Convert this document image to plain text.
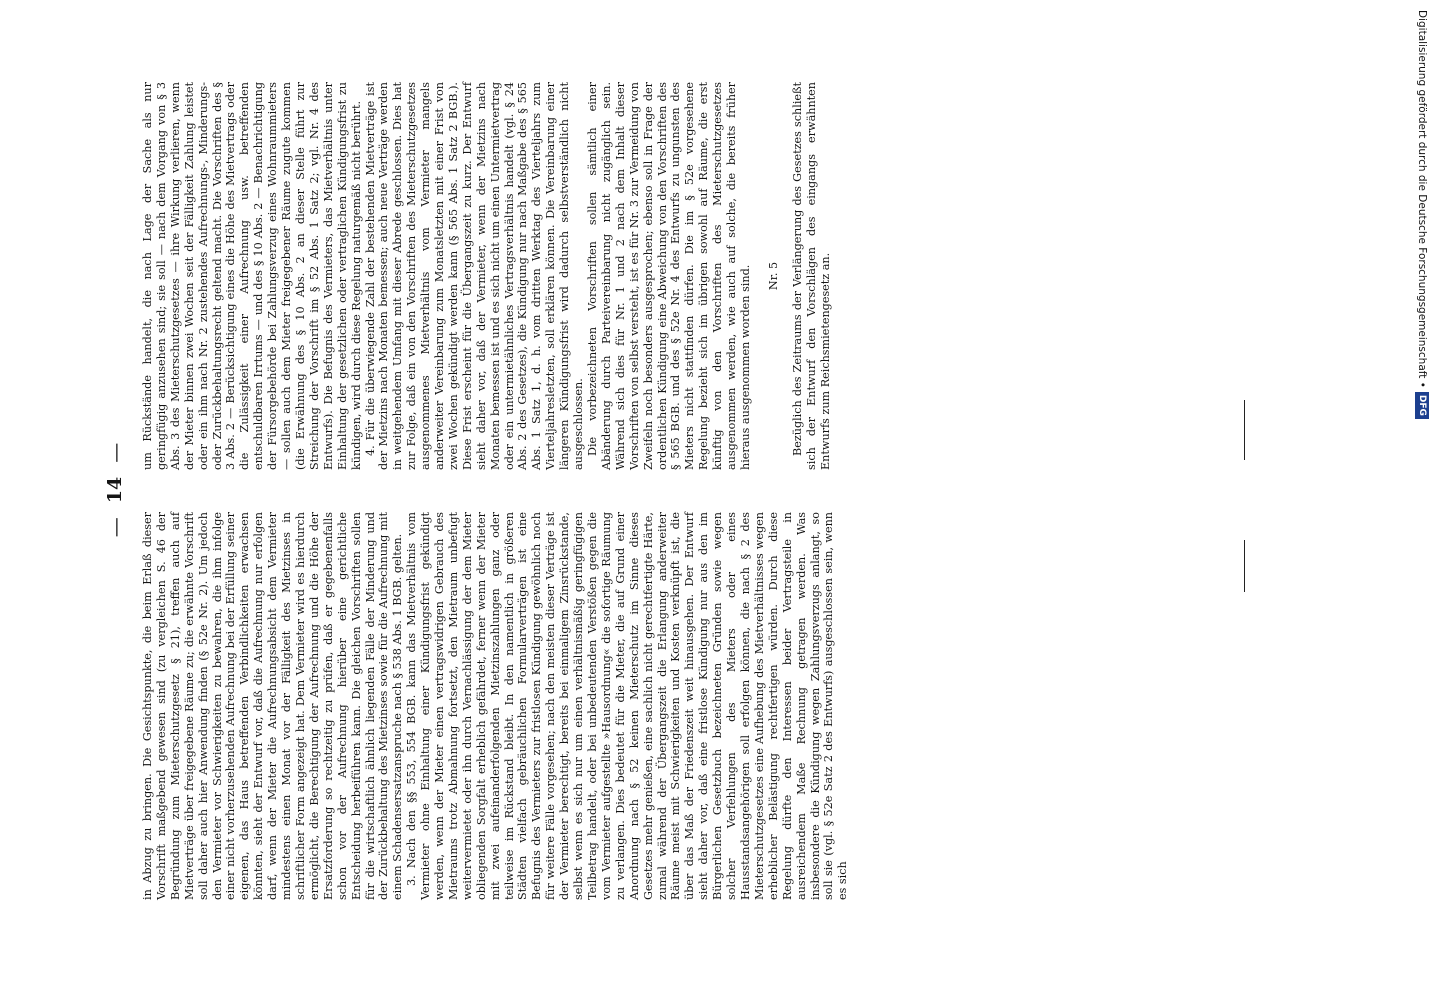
—
14
—

in Abzug zu bringen. Die Gesichtspunkte, die beim Erlaß dieser Vorschrift maßgebend gewesen sind (zu vergleichen S. 46 der Begründung zum Mieterschutzgesetz § 21), treffen auch auf Mietverträge über freigegebene Räume zu; die erwähnte Vorschrift soll daher auch hier Anwendung finden (§ 52e Nr. 2). Um jedoch den Vermieter vor Schwierigkeiten zu bewahren, die ihm infolge einer nicht vorherzusehenden Aufrechnung bei der Erfüllung seiner eigenen, das Haus betreffenden Verbindlichkeiten erwachsen könnten, sieht der Entwurf vor, daß die Aufrechnung nur erfolgen darf, wenn der Mieter die Aufrechnungsabsicht dem Vermieter mindestens einen Monat vor der Fälligkeit des Mietzinses in schriftlicher Form angezeigt hat. Dem Vermieter wird es hierdurch ermöglicht, die Berechtigung der Aufrechnung und die Höhe der Ersatzforderung so rechtzeitig zu prüfen, daß er gegebenenfalls schon vor der Aufrechnung hierüber eine gerichtliche Entscheidung herbeiführen kann. Die gleichen Vorschriften sollen für die wirtschaftlich ähnlich liegenden Fälle der Minderung und der Zurückbehaltung des Mietzinses sowie für die Aufrechnung mit einem Schadensersatzanspruche nach § 538 Abs. 1 BGB. gelten. 3. Nach den §§ 553, 554 BGB. kann das Mietverhältnis vom Vermieter ohne Einhaltung einer Kündigungsfrist gekündigt werden, wenn der Mieter einen vertragswidrigen Gebrauch des Mietraums trotz Abmahnung fortsetzt, den Mietraum unbefugt weitervermietet oder ihn durch Vernachlässigung der dem Mieter obliegenden Sorgfalt erheblich gefährdet, ferner wenn der Mieter mit zwei aufeinanderfolgenden Mietzinszahlungen ganz oder teilweise im Rückstand bleibt. In den namentlich in größeren Städten vielfach gebräuchlichen Formularverträgen ist eine Befugnis des Vermieters zur fristlosen Kündigung gewöhnlich noch für weitere Fälle vorgesehen; nach den meisten dieser Verträge ist der Vermieter berechtigt, bereits bei einmaligem Zinsrückstande, selbst wenn es sich nur um einen verhältnismäßig geringfügigen Teilbetrag handelt, oder bei unbedeutenden Verstößen gegen die vom Vermieter aufgestellte »Hausordnung« die sofortige Räumung zu verlangen. Dies bedeutet für die Mieter, die auf Grund einer Anordnung nach § 52 keinen Mieterschutz im Sinne dieses Gesetzes mehr genießen, eine sachlich nicht gerechtfertigte Härte, zumal während der Übergangszeit die Erlangung anderweiter Räume meist mit Schwierigkeiten und Kosten verknüpft ist, die über das Maß der Friedenszeit weit hinausgehen. Der Entwurf sieht daher vor, daß eine fristlose Kündigung nur aus den im Bürgerlichen Gesetzbuch bezeichneten Gründen sowie wegen solcher Verfehlungen des Mieters oder eines Hausstandsangehörigen soll erfolgen können, die nach § 2 des Mieterschutzgesetzes eine Aufhebung des Mietverhältnisses wegen erheblicher Belästigung rechtfertigen würden. Durch diese Regelung dürfte den Interessen beider Vertragsteile in ausreichendem Maße Rechnung getragen werden. Was insbesondere die Kündigung wegen Zahlungsverzugs anlangt, so soll sie (vgl. § 52e Satz 2 des Entwurfs) ausgeschlossen sein, wenn es sich

um Rückstände handelt, die nach Lage der Sache als nur geringfügig anzusehen sind; sie soll — nach dem Vorgang von § 3 Abs. 3 des Mieterschutzgesetzes — ihre Wirkung verlieren, wenn der Mieter binnen zwei Wochen seit der Fälligkeit Zahlung leistet oder ein ihm nach Nr. 2 zustehendes Aufrechnungs-, Minderungs- oder Zurückbehaltungsrecht geltend macht. Die Vorschriften des § 3 Abs. 2 — Berücksichtigung eines die Höhe des Mietvertrags oder die Zulässigkeit einer Aufrechnung usw. betreffenden entschuldbaren Irrtums — und des § 10 Abs. 2 — Benachrichtigung der Fürsorgebehörde bei Zahlungsverzug eines Wohnraummieters — sollen auch dem Mieter freigegebener Räume zugute kommen (die Erwähnung des § 10 Abs. 2 an dieser Stelle führt zur Streichung der Vorschrift im § 52 Abs. 1 Satz 2; vgl. Nr. 4 des Entwurfs). Die Befugnis des Vermieters, das Mietverhältnis unter Einhaltung der gesetzlichen oder vertraglichen Kündigungsfrist zu kündigen, wird durch diese Regelung naturgemäß nicht berührt. 4. Für die überwiegende Zahl der bestehenden Mietverträge ist der Mietzins nach Monaten bemessen; auch neue Verträge werden in weitgehendem Umfang mit dieser Abrede geschlossen. Dies hat zur Folge, daß ein von den Vorschriften des Mieterschutzgesetzes ausgenommenes Mietverhältnis vom Vermieter mangels anderweiter Vereinbarung zum Monatsletzten mit einer Frist von zwei Wochen gekündigt werden kann (§ 565 Abs. 1 Satz 2 BGB.). Diese Frist erscheint für die Übergangszeit zu kurz. Der Entwurf sieht daher vor, daß der Vermieter, wenn der Mietzins nach Monaten bemessen ist und es sich nicht um einen Untermietvertrag oder ein untermietähnliches Vertragsverhältnis handelt (vgl. § 24 Abs. 2 des Gesetzes), die Kündigung nur nach Maßgabe des § 565 Abs. 1 Satz 1, d. h. vom dritten Werktag des Vierteljahrs zum Vierteljahresletzten, soll erklären können. Die Vereinbarung einer längeren Kündigungsfrist wird dadurch selbstverständlich nicht ausgeschlossen. Die vorbezeichneten Vorschriften sollen sämtlich einer Abänderung durch Parteivereinbarung nicht zugänglich sein. Während sich dies für Nr. 1 und 2 nach dem Inhalt dieser Vorschriften von selbst versteht, ist es für Nr. 3 zur Vermeidung von Zweifeln noch besonders ausgesprochen; ebenso soll in Frage der ordentlichen Kündigung eine Abweichung von den Vorschriften des § 565 BGB. und des § 52e Nr. 4 des Entwurfs zu ungunsten des Mieters nicht stattfinden dürfen. Die im § 52e vorgesehene Regelung bezieht sich im übrigen sowohl auf Räume, die erst künftig von den Vorschriften des Mieterschutzgesetzes ausgenommen werden, wie auch auf solche, die bereits früher hieraus ausgenommen worden sind. Nr. 5 Bezüglich des Zeitraums der Verlängerung des Gesetzes schließt sich der Entwurf den Vorschlägen des eingangs erwähnten Entwurfs zum Reichsmietengesetz an.	Digitalisierung gefördert durch die Deutsche Forschungsgemeinschaft •
DFG
